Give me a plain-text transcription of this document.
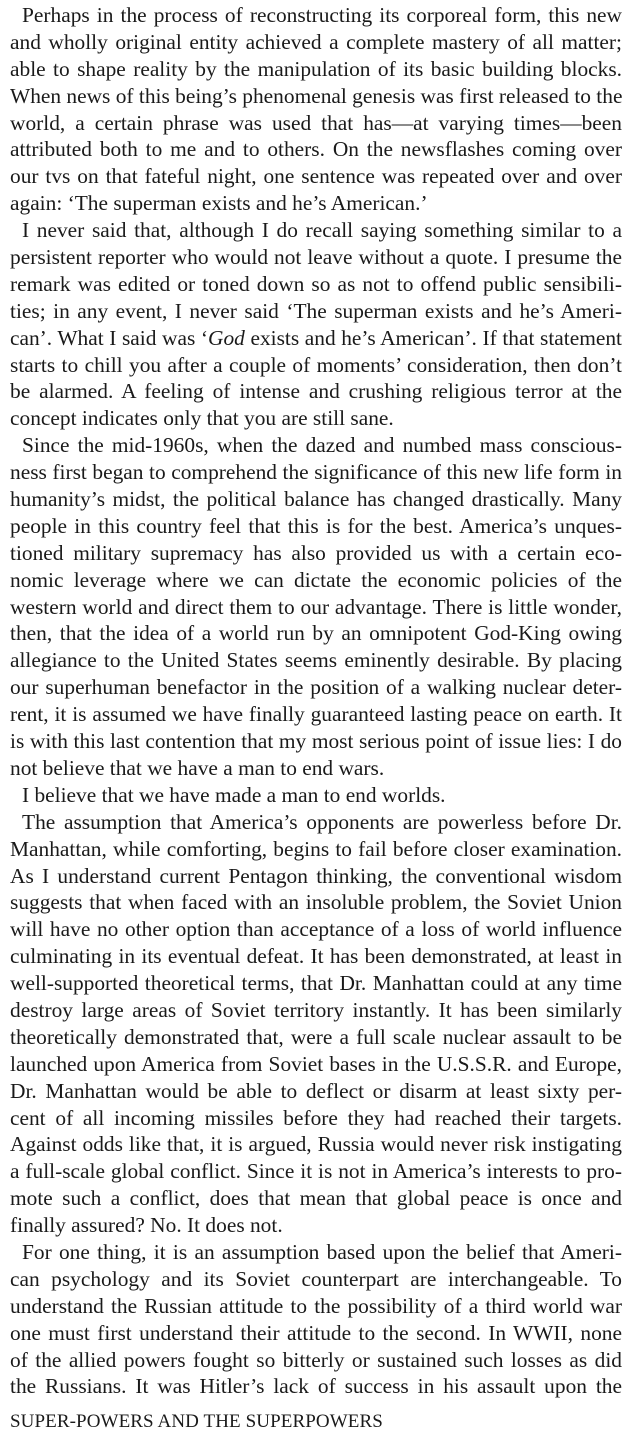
Perhaps in the process of reconstructing its corporeal form, this new
and wholly original entity achieved a complete mastery of all matter;
able to shape reality by the manipulation of its basic building blocks.
When news of this being’s phenomenal genesis was first released to the
world, a certain phrase was used that has—at varying times—been
attributed both to me and to others. On the newsflashes coming over
our tvs on that fateful night, one sentence was repeated over and over
again: ‘The superman exists and he’s American.’
I never said that, although I do recall saying something similar to a
persistent reporter who would not leave without a quote. I presume the
remark was edited or toned down so as not to offend public sensibili-
ties; in any event, I never said ‘The superman exists and he’s Ameri-
can’. What I said was ‘God exists and he’s American’. If that statement
starts to chill you after a couple of moments’ consideration, then don’t
be alarmed. A feeling of intense and crushing religious terror at the
concept indicates only that you are still sane.
Since the mid-1960s, when the dazed and numbed mass conscious-
ness first began to comprehend the significance of this new life form in
humanity’s midst, the political balance has changed drastically. Many
people in this country feel that this is for the best. America’s unques-
tioned military supremacy has also provided us with a certain eco-
nomic leverage where we can dictate the economic policies of the
western world and direct them to our advantage. There is little wonder,
then, that the idea of a world run by an omnipotent God-King owing
allegiance to the United States seems eminently desirable. By placing
our superhuman benefactor in the position of a walking nuclear deter-
rent, it is assumed we have finally guaranteed lasting peace on earth. It
is with this last contention that my most serious point of issue lies: I do
not believe that we have a man to end wars.
I believe that we have made a man to end worlds.
The assumption that America’s opponents are powerless before Dr.
Manhattan, while comforting, begins to fail before closer examination.
As I understand current Pentagon thinking, the conventional wisdom
suggests that when faced with an insoluble problem, the Soviet Union
will have no other option than acceptance of a loss of world influence
culminating in its eventual defeat. It has been demonstrated, at least in
well-supported theoretical terms, that Dr. Manhattan could at any time
destroy large areas of Soviet territory instantly. It has been similarly
theoretically demonstrated that, were a full scale nuclear assault to be
launched upon America from Soviet bases in the U.S.S.R. and Europe,
Dr. Manhattan would be able to deflect or disarm at least sixty per-
cent of all incoming missiles before they had reached their targets.
Against odds like that, it is argued, Russia would never risk instigating
a full-scale global conflict. Since it is not in America’s interests to pro-
mote such a conflict, does that mean that global peace is once and
finally assured? No. It does not.
For one thing, it is an assumption based upon the belief that Ameri-
can psychology and its Soviet counterpart are interchangeable. To
understand the Russian attitude to the possibility of a third world war
one must first understand their attitude to the second. In WWII, none
of the allied powers fought so bitterly or sustained such losses as did
the Russians. It was Hitler’s lack of success in his assault upon the
SUPER-POWERS AND THE SUPERPOWERS
